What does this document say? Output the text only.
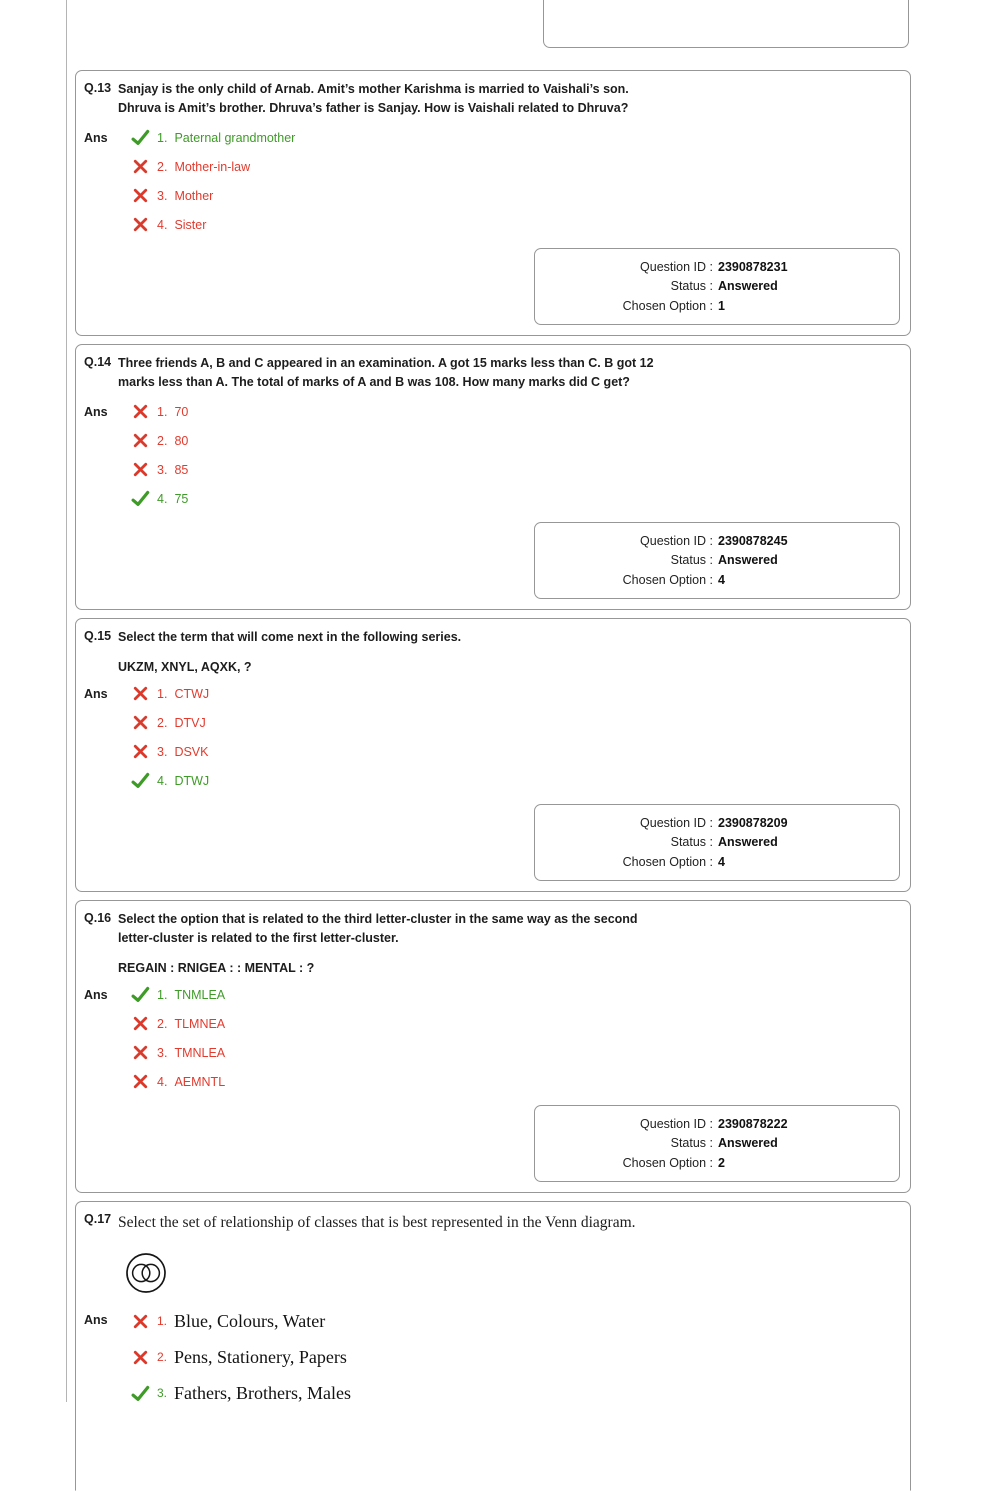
Q.13 Sanjay is the only child of Arnab. Amit’s mother Karishma is married to Vaishali’s son. Dhruva is Amit’s brother. Dhruva’s father is Sanjay. How is Vaishali related to Dhruva?
Ans	1. Paternal grandmother
2. Mother-in-law
3. Mother
4. Sister
Question ID : 2390878231
Status : Answered
Chosen Option : 1
Q.14 Three friends A, B and C appeared in an examination. A got 15 marks less than C. B got 12 marks less than A. The total of marks of A and B was 108. How many marks did C get?
Ans	1. 70
2. 80
3. 85
4. 75
Question ID : 2390878245
Status : Answered
Chosen Option : 4
Q.15 Select the term that will come next in the following series.
UKZM, XNYL, AQXK, ?
Ans	1. CTWJ
2. DTVJ
3. DSVK
4. DTWJ
Question ID : 2390878209
Status : Answered
Chosen Option : 4
Q.16 Select the option that is related to the third letter-cluster in the same way as the second letter-cluster is related to the first letter-cluster.
REGAIN : RNIGEA : : MENTAL : ?
Ans	1. TNMLEA
2. TLMNEA
3. TMNLEA
4. AEMNTL
Question ID : 2390878222
Status : Answered
Chosen Option : 2
Q.17 Select the set of relationship of classes that is best represented in the Venn diagram.
Ans	1. Blue, Colours, Water
2. Pens, Stationery, Papers
3. Fathers, Brothers, Males
